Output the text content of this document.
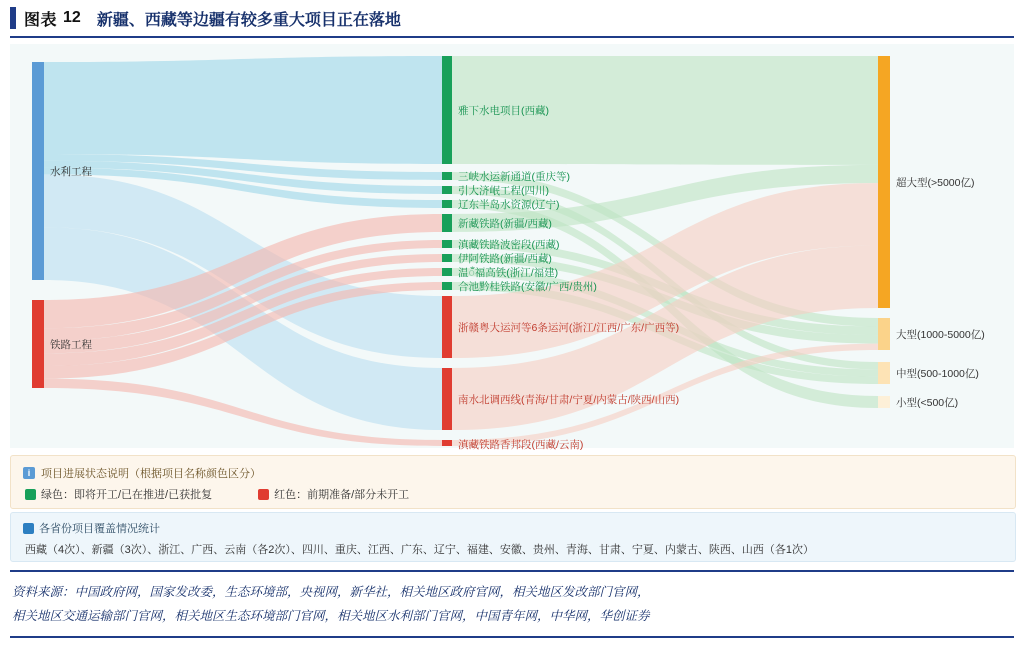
图表 12 新疆、西藏等边疆有较多重大项目正在落地
水利工程
铁路工程
雅下水电项目(西藏)
三峡水运新通道(重庆等)
引大济岷工程(四川)
辽东半岛水资源(辽宁)
新藏铁路(新疆/西藏)
滇藏铁路波密段(西藏)
伊阿铁路(新疆/西藏)
温ँ福高铁(浙江/福建)
合池黔桂铁路(安徽/广西/贵州)
浙赣粤大运河等6条运河(浙江/江西/广东/广西等)
南水北调西线(青海/甘肃/宁夏/内蒙古/陕西/山西)
滇藏铁路香邦段(西藏/云南)
超大型(>5000亿)
大型(1000-5000亿)
中型(500-1000亿)
小型(<500亿)
i 项目进展状态说明（根据项目名称颜色区分）
绿色：即将开工/已在推进/已获批复	红色：前期准备/部分未开工
各省份项目覆盖情况统计
西藏（4次）、新疆（3次）、浙江、广西、云南（各2次）、四川、重庆、江西、广东、辽宁、福建、安徽、贵州、青海、甘肃、宁夏、内蒙古、陕西、山西（各1次）
资料来源：中国政府网，国家发改委，生态环境部，央视网，新华社，相关地区政府官网，相关地区发改部门官网，
相关地区交通运输部门官网，相关地区生态环境部门官网，相关地区水利部门官网，中国青年网，中华网，华创证券
